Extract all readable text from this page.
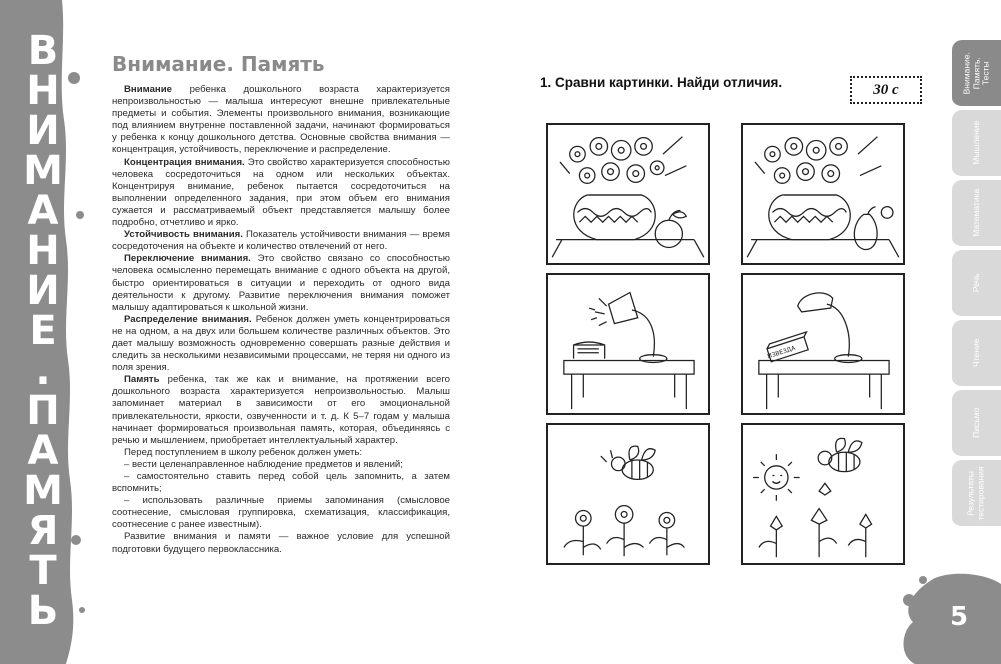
ВНИМАНИЕ.ПАМЯТЬ	Внимание. Память

Внимание ребенка дошкольного возраста характеризуется непроизвольностью — малыша интересуют внешне привлекательные предметы и события. Элементы произвольного внимания, возникающие под влиянием внутренне поставленной задачи, начинают формироваться у ребенка к концу дошкольного детства. Основные свойства внимания — концентрация, устойчивость, переключение и распределение.

Концентрация внимания. Это свойство характеризуется способностью человека сосредоточиться на одном или нескольких объектах. Концентрируя внимание, ребенок пытается сосредоточиться на выполнении определенного задания, при этом объем его внимания сужается и рассматриваемый объект представляется малышу более подробно, отчетливо и ярко.

Устойчивость внимания. Показатель устойчивости внимания — время сосредоточения на объекте и количество отвлечений от него.

Переключение внимания. Это свойство связано со способностью человека осмысленно перемещать внимание с одного объекта на другой, быстро ориентироваться в ситуации и переходить от одного вида деятельности к другому. Развитие переключения внимания поможет малышу адаптироваться к школьной жизни.

Распределение внимания. Ребенок должен уметь концентрироваться не на одном, а на двух или большем количестве различных объектов. Это дает малышу возможность одновременно совершать разные действия и следить за несколькими независимыми процессами, не теряя ни одного из поля зрения.

Память ребенка, так же как и внимание, на протяжении всего дошкольного возраста характеризуется непроизвольностью. Малыш запоминает материал в зависимости от его эмоциональной привлекательности, яркости, озвученности и т. д. К 5–7 годам у малыша начинает формироваться произвольная память, которая, объединяясь с речью и мышлением, приобретает интеллектуальный характер.

Перед поступлением в школу ребенок должен уметь:

– вести целенаправленное наблюдение предметов и явлений;

– самостоятельно ставить перед собой цель запомнить, а затем вспомнить;

– использовать различные приемы запоминания (смысловое соотнесение, смысловая группировка, схематизация, классификация, соотнесение с ранее известным).

Развитие внимания и памяти — важное условие для успешной подготовки будущего первоклассника.

1. Сравни картинки. Найди отличия.	30 с
ИЗВЕЗДА
Внимание.
Память.
Тесты
Мышление
Математика
Речь
Чтение
Письмо
Результаты
тестирования
5
